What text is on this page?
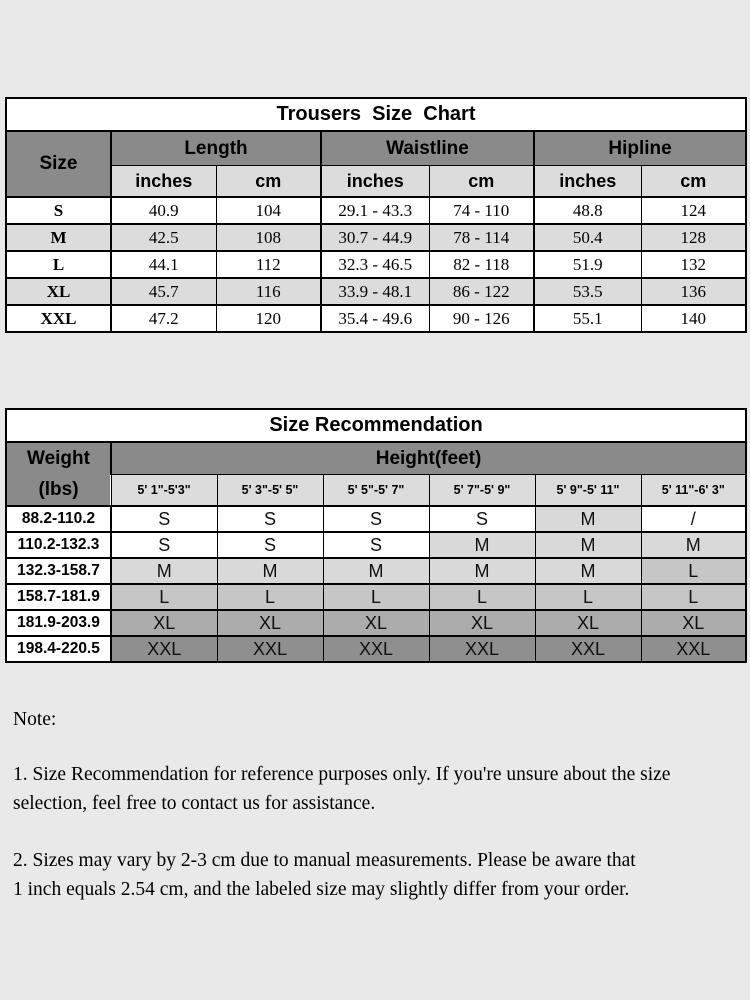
Trousers  Size  Chart						
Size	Length		Waistline		Hipline	
	inches	cm	inches	cm	inches	cm
S	40.9	104	29.1 - 43.3	74 - 110	48.8	124
M	42.5	108	30.7 - 44.9	78 - 114	50.4	128
L	44.1	112	32.3 - 46.5	82 - 118	51.9	132
XL	45.7	116	33.9 - 48.1	86 - 122	53.5	136
XXL	47.2	120	35.4 - 49.6	90 - 126	55.1	140
Size Recommendation						

Weight
(lbs)	Height(feet)					
	5' 1"-5'3"	5' 3"-5' 5"	5' 5"-5' 7"	5' 7"-5' 9"	5' 9"-5' 11"	5' 11"-6' 3"
88.2-110.2	S	S	S	S	M	/
110.2-132.3	S	S	S	M	M	M
132.3-158.7	M	M	M	M	M	L
158.7-181.9	L	L	L	L	L	L
181.9-203.9	XL	XL	XL	XL	XL	XL
198.4-220.5	XXL	XXL	XXL	XXL	XXL	XXL
Note:

1. Size Recommendation for reference purposes only. If you're unsure about the size
selection, feel free to contact us for assistance.

2. Sizes may vary by 2-3 cm due to manual measurements. Please be aware that
1 inch equals 2.54 cm, and the labeled size may slightly differ from your order.
